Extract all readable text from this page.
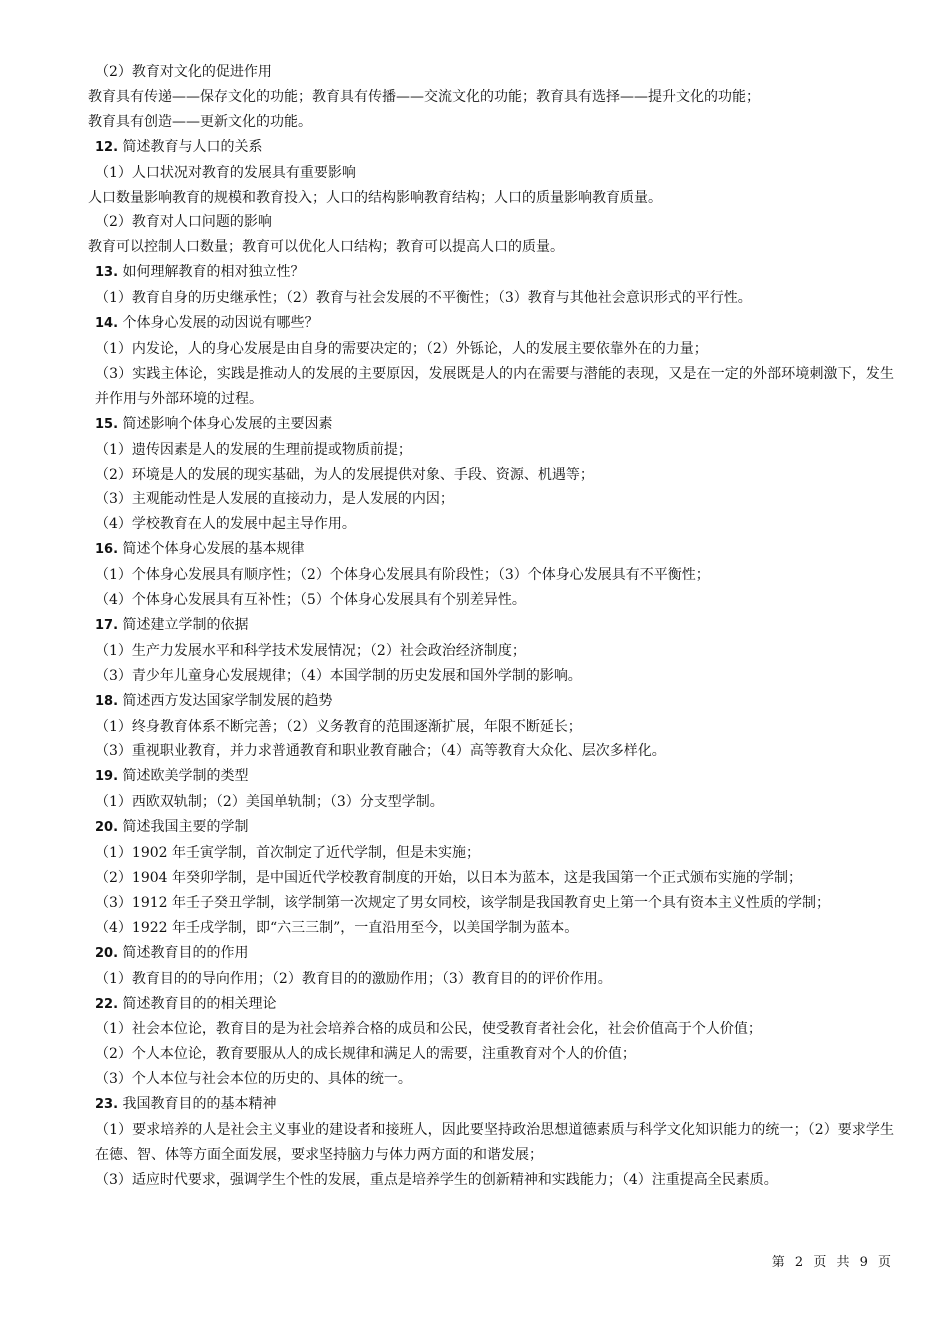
（2）教育对文化的促进作用
教育具有传递——保存文化的功能；教育具有传播——交流文化的功能；教育具有选择——提升文化的功能；
教育具有创造——更新文化的功能。
12. 简述教育与人口的关系
（1）人口状况对教育的发展具有重要影响
人口数量影响教育的规模和教育投入；人口的结构影响教育结构；人口的质量影响教育质量。
（2）教育对人口问题的影响
教育可以控制人口数量；教育可以优化人口结构；教育可以提高人口的质量。
13. 如何理解教育的相对独立性？
（1）教育自身的历史继承性；（2）教育与社会发展的不平衡性；（3）教育与其他社会意识形式的平行性。
14. 个体身心发展的动因说有哪些？
（1）内发论，人的身心发展是由自身的需要决定的；（2）外铄论，人的发展主要依靠外在的力量；
（3）实践主体论，实践是推动人的发展的主要原因，发展既是人的内在需要与潜能的表现，又是在一定的外部环境刺激下，发生并作用与外部环境的过程。
15. 简述影响个体身心发展的主要因素
（1）遗传因素是人的发展的生理前提或物质前提；
（2）环境是人的发展的现实基础，为人的发展提供对象、手段、资源、机遇等；
（3）主观能动性是人发展的直接动力，是人发展的内因；
（4）学校教育在人的发展中起主导作用。
16. 简述个体身心发展的基本规律
（1）个体身心发展具有顺序性；（2）个体身心发展具有阶段性；（3）个体身心发展具有不平衡性；
（4）个体身心发展具有互补性；（5）个体身心发展具有个别差异性。
17. 简述建立学制的依据
（1）生产力发展水平和科学技术发展情况；（2）社会政治经济制度；
（3）青少年儿童身心发展规律；（4）本国学制的历史发展和国外学制的影响。
18. 简述西方发达国家学制发展的趋势
（1）终身教育体系不断完善；（2）义务教育的范围逐渐扩展，年限不断延长；
（3）重视职业教育，并力求普通教育和职业教育融合；（4）高等教育大众化、层次多样化。
19. 简述欧美学制的类型
（1）西欧双轨制；（2）美国单轨制；（3）分支型学制。
20. 简述我国主要的学制
（1）1902 年壬寅学制，首次制定了近代学制，但是未实施；
（2）1904 年癸卯学制，是中国近代学校教育制度的开始，以日本为蓝本，这是我国第一个正式颁布实施的学制；
（3）1912 年壬子癸丑学制，该学制第一次规定了男女同校，该学制是我国教育史上第一个具有资本主义性质的学制；
（4）1922 年壬戌学制，即“六三三制”，一直沿用至今，以美国学制为蓝本。
20. 简述教育目的的作用
（1）教育目的的导向作用；（2）教育目的的激励作用；（3）教育目的的评价作用。
22. 简述教育目的的相关理论
（1）社会本位论，教育目的是为社会培养合格的成员和公民，使受教育者社会化，社会价值高于个人价值；
（2）个人本位论，教育要服从人的成长规律和满足人的需要，注重教育对个人的价值；
（3）个人本位与社会本位的历史的、具体的统一。
23. 我国教育目的的基本精神
（1）要求培养的人是社会主义事业的建设者和接班人，因此要坚持政治思想道德素质与科学文化知识能力的统一；（2）要求学生在德、智、体等方面全面发展，要求坚持脑力与体力两方面的和谐发展；
（3）适应时代要求，强调学生个性的发展，重点是培养学生的创新精神和实践能力；（4）注重提高全民素质。
第 2 页 共 9 页
